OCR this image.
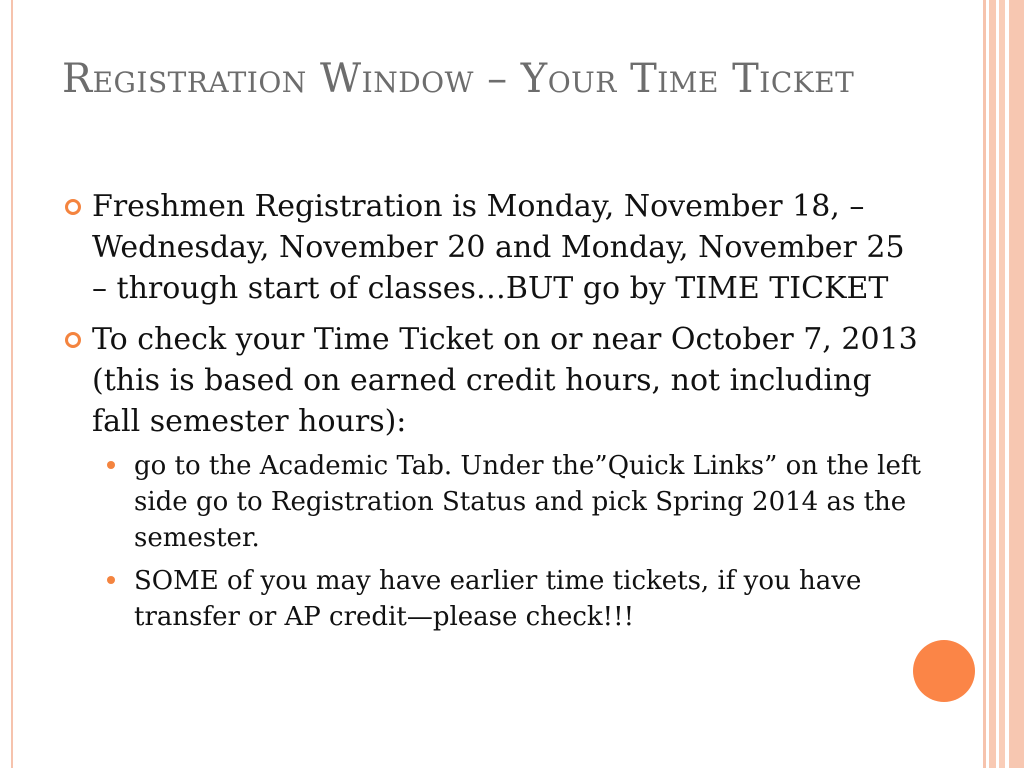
Registration Window – Your Time Ticket
Freshmen Registration is Monday, November 18, – Wednesday, November 20 and Monday, November 25 – through start of classes…BUT go by TIME TICKET
To check your Time Ticket on or near October 7, 2013 (this is based on earned credit hours, not including fall semester hours):
go to the Academic Tab. Under the”Quick Links” on the left side go to Registration Status and pick Spring 2014 as the semester.
SOME of you may have earlier time tickets, if you have transfer or AP credit—please check!!!
